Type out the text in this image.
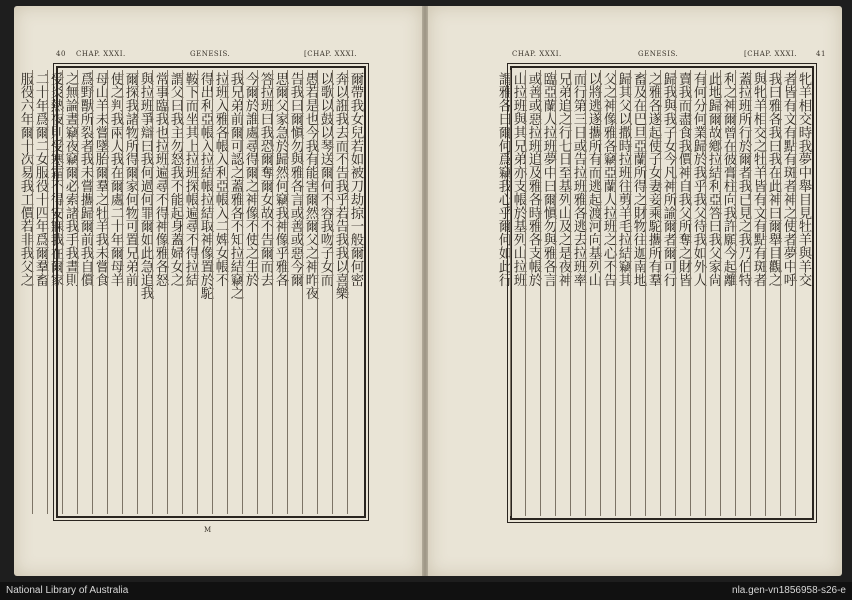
40 CHAP. XXXI.	GENESIS.	[CHAP. XXXI.
爾帶我女兒若如被刀劫掠一般爾何密
奔以誑我去而不告我乎若告我我以喜樂
以歌以鼓以琴送爾何不容我吻子女而
愚若是也今我有能害爾然爾父之神昨夜
告我曰爾愼勿與雅各言或善或惡今爾
思爾父家急於歸然何竊我神像乎雅各
答拉班曰我恐爾奪爾女故不告爾而去
今爾於誰處尋得爾之神像不使之生於
我兄弟前爾可認之蓋雅各不知拉結竊之
拉班入雅各帳入利亞帳入二婢女帳不
得出利亞帳入拉結帳拉結取神像置於駝
鞍下而坐其上拉班探帳遍尋不得拉結
謂父曰我主勿怒我不能起身蓋婦女之
常事臨我也拉班遍尋不得神像雅各怒
與拉班爭辯曰我何過何罪爾如此急追我
爾探我諸物所得爾家何物可置兄弟前
使之判我兩人我在爾處二十年爾母羊
母山羊未嘗墜胎爾羣之牡羊我未嘗食
爲野獸所裂者我未嘗攜歸爾前我自償
之無論晝竊夜竊爾必索諸我手我晝則
受炎熱夜則受寒霜不得安寐我在爾家
二十年爲爾二女服役十四年爲爾羣畜
服役六年爾十次易我工價若非我父之
M
CHAP. XXXI.	GENESIS.	[CHAP. XXXI.	41
牝羊相交時我夢中舉目見牡羊與羊交
者皆有文有點有斑者神之使者夢中呼
我曰雅各我曰我在此神曰爾舉目觀之
與牝羊相交之牡羊皆有文有點有斑者
蓋拉班所行於爾者我已見之我乃伯特
利之神爾曾在彼膏柱向我許願今起離
此地歸爾故鄕拉結利亞答曰我父家尙
有何分何業歸於我乎我父待我如外人
賣我而盡食我價神自我父所奪之財皆
歸我與我子女今凡神所諭爾者爾可行
之雅各遂起使子女妻妾乘駝攜所有羣
畜及在巴旦亞蘭所得之財物往迦南地
歸其父以撒時拉班往剪羊毛拉結竊其
父之神像雅各竊亞蘭人拉班之心不告
以將逃遂攜所有而逃起渡河向基列山
而行第三日或告拉班雅各逃去拉班率
兄弟追之行七日至基列山及之是夜神
臨亞蘭人拉班夢中曰爾愼勿與雅各言
或善或惡拉班追及雅各時雅各支帳於
山拉班與其兄弟亦支帳於基列山拉班
謂雅各曰爾何爲竊我心乎爾何如此行
National Library of Australia	nla.gen-vn1856958-s26-e
